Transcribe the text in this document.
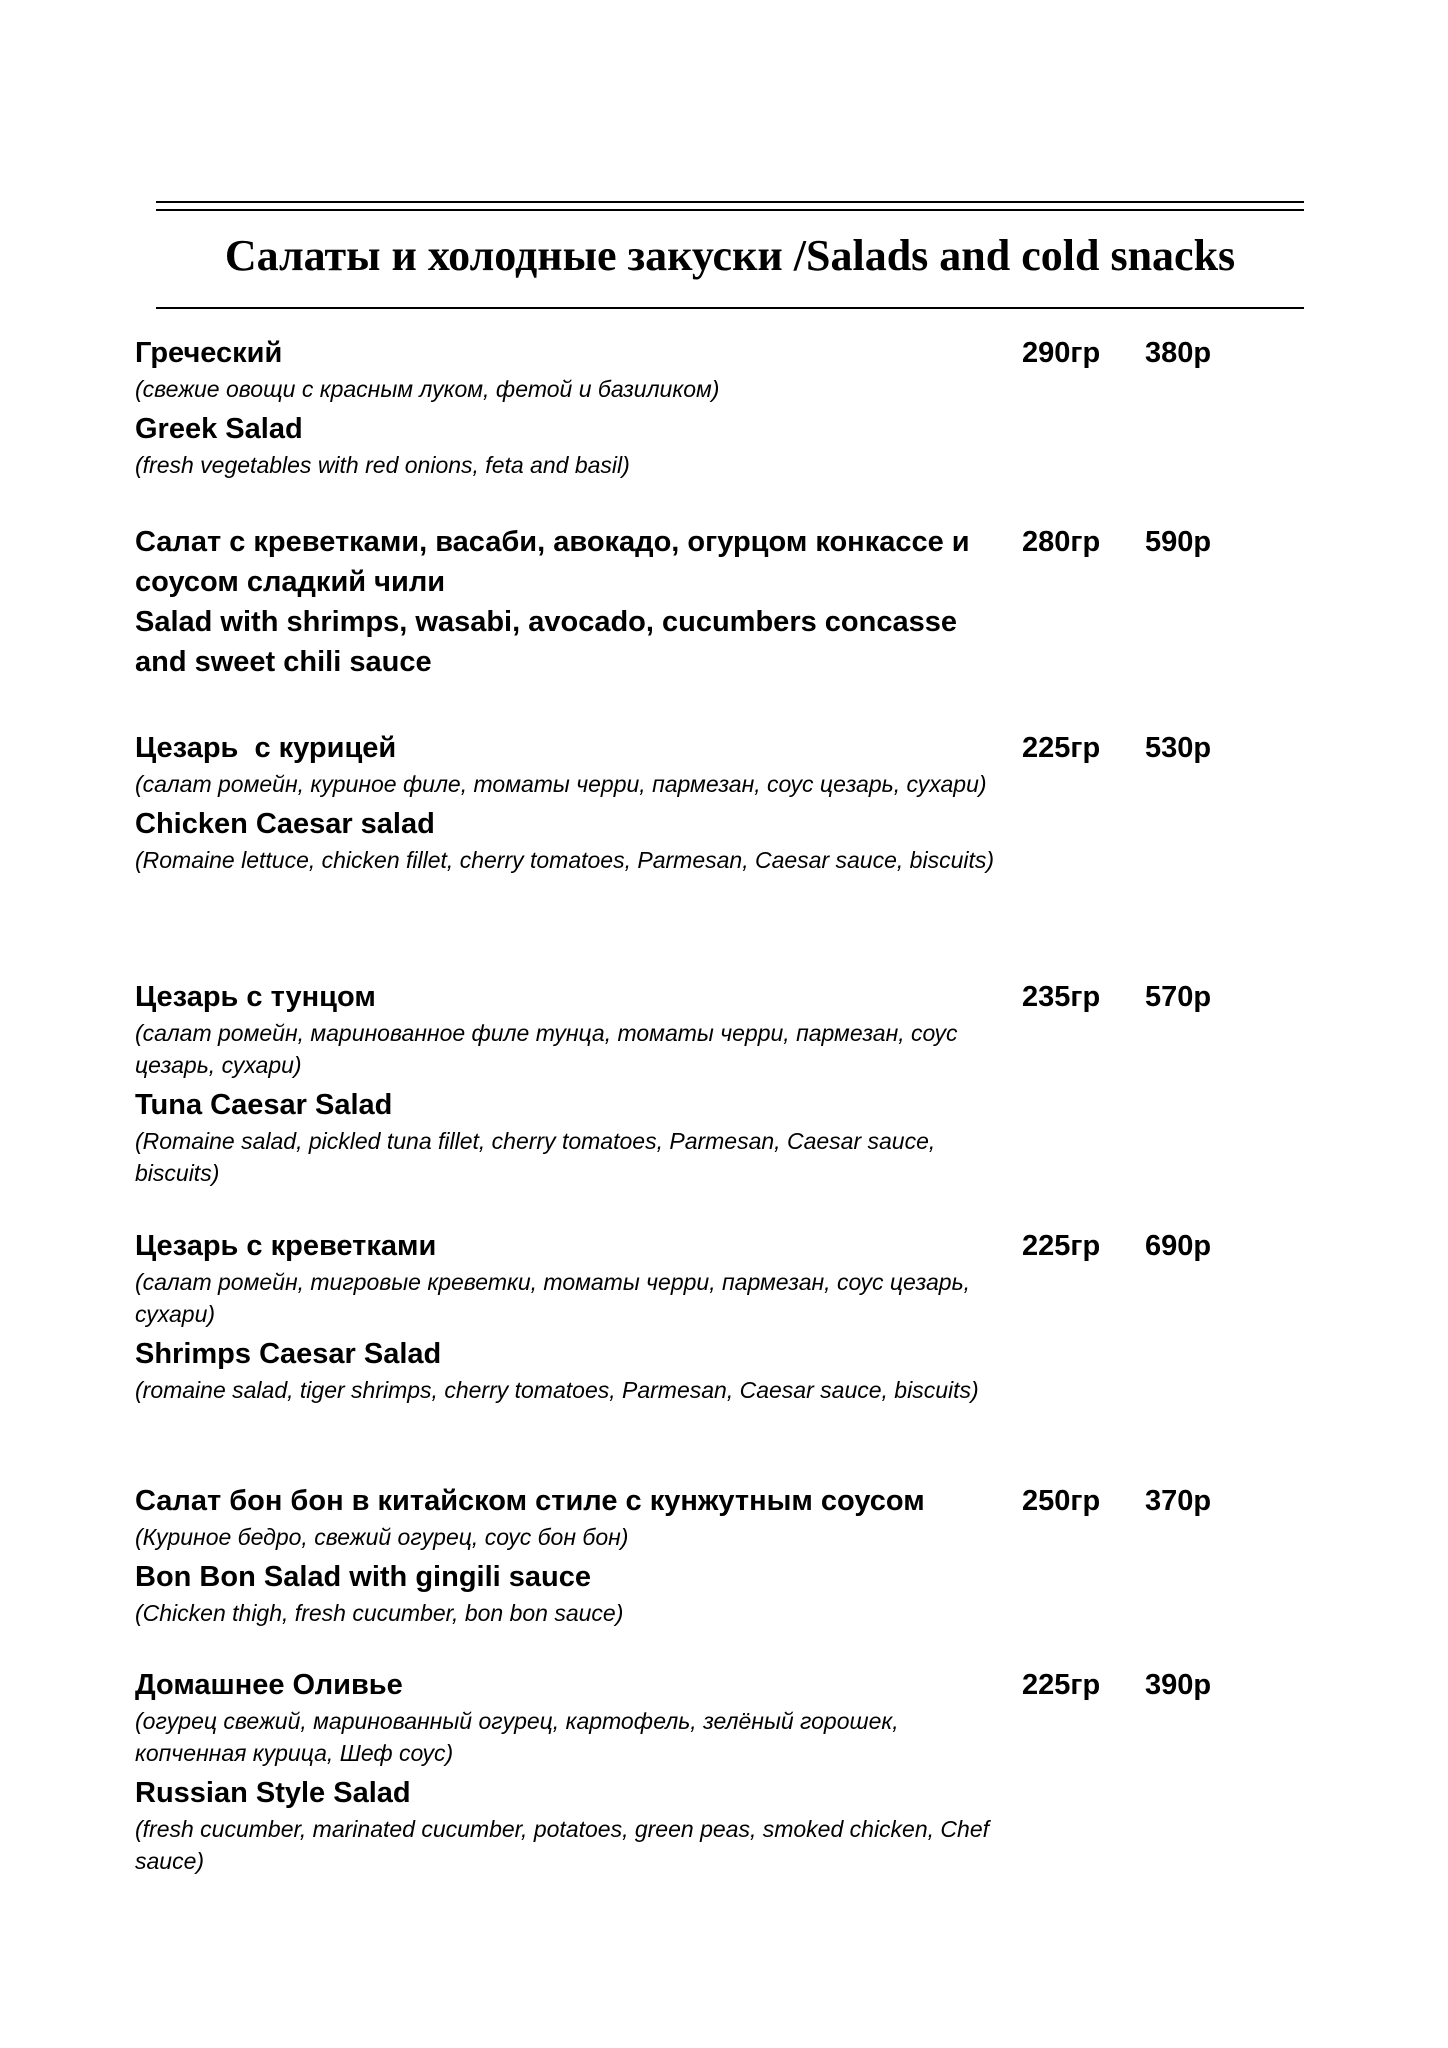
Салаты и холодные закуски /Salads and cold snacks
Греческий
(свежие овощи с красным луком, фетой и базиликом)
Greek Salad
(fresh vegetables with red onions, feta and basil)
290гр 380р
Салат с креветками, васаби, авокадо, огурцом конкассе и соусом сладкий чили
Salad with shrimps, wasabi, avocado, cucumbers concasse and sweet chili sauce
280гр 590р
Цезарь  с курицей
(салат ромейн, куриное филе, томаты черри, пармезан, соус цезарь, сухари)
Chicken Caesar salad
(Romaine lettuce, chicken fillet, cherry tomatoes, Parmesan, Caesar sauce, biscuits)
225гр 530р
Цезарь с тунцом
(салат ромейн, маринованное филе тунца, томаты черри, пармезан, соус цезарь, сухари)
Tuna Caesar Salad
(Romaine salad, pickled tuna fillet, cherry tomatoes, Parmesan, Caesar sauce, biscuits)
235гр 570р
Цезарь с креветками
(салат ромейн, тигровые креветки, томаты черри, пармезан, соус цезарь, сухари)
Shrimps Caesar Salad
(romaine salad, tiger shrimps, cherry tomatoes, Parmesan, Caesar sauce, biscuits)
225гр 690р
Салат бон бон в китайском стиле с кунжутным соусом
(Куриное бедро, свежий огурец, соус бон бон)
Bon Bon Salad with gingili sauce
(Chicken thigh, fresh cucumber, bon bon sauce)
250гр 370р
Домашнее Оливье
(огурец свежий, маринованный огурец, картофель, зелёный горошек, копченная курица, Шеф соус)
Russian Style Salad
(fresh cucumber, marinated cucumber, potatoes, green peas, smoked chicken, Chef sauce)
225гр 390р
